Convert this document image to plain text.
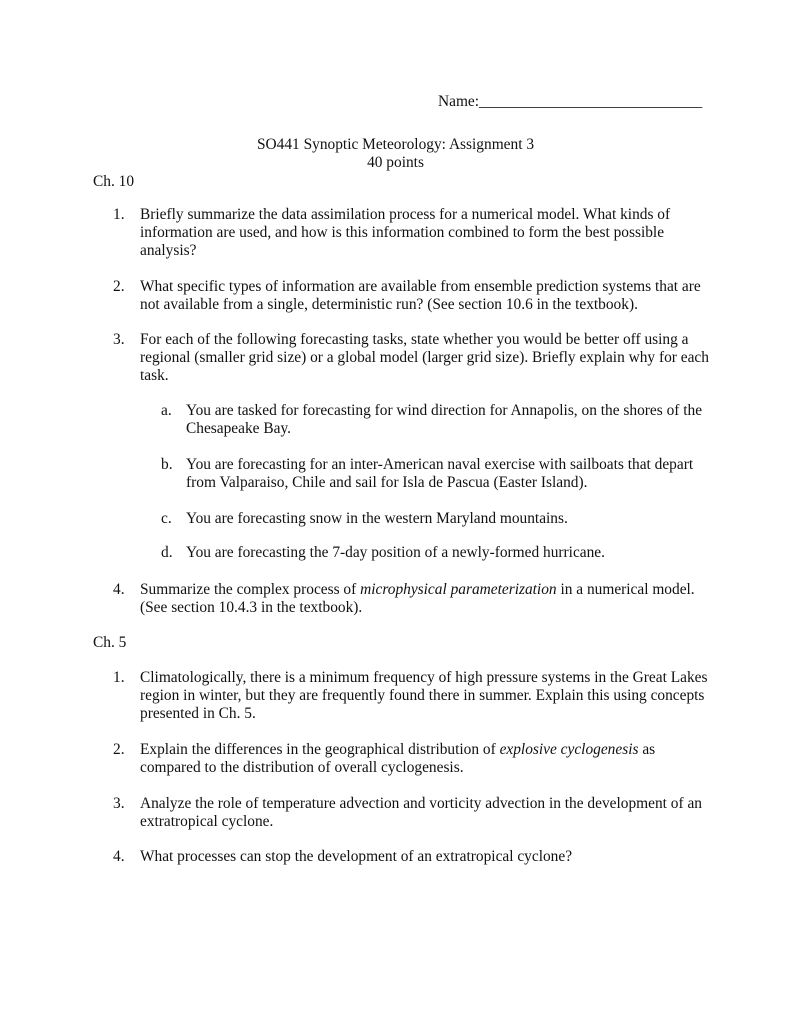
Name:_____________________________
SO441 Synoptic Meteorology: Assignment 3
40 points
Ch. 10
1. Briefly summarize the data assimilation process for a numerical model. What kinds of information are used, and how is this information combined to form the best possible analysis?
2. What specific types of information are available from ensemble prediction systems that are not available from a single, deterministic run? (See section 10.6 in the textbook).
3. For each of the following forecasting tasks, state whether you would be better off using a regional (smaller grid size) or a global model (larger grid size). Briefly explain why for each task.
a. You are tasked for forecasting for wind direction for Annapolis, on the shores of the Chesapeake Bay.
b. You are forecasting for an inter-American naval exercise with sailboats that depart from Valparaiso, Chile and sail for Isla de Pascua (Easter Island).
c. You are forecasting snow in the western Maryland mountains.
d. You are forecasting the 7-day position of a newly-formed hurricane.
4. Summarize the complex process of microphysical parameterization in a numerical model. (See section 10.4.3 in the textbook).
Ch. 5
1. Climatologically, there is a minimum frequency of high pressure systems in the Great Lakes region in winter, but they are frequently found there in summer. Explain this using concepts presented in Ch. 5.
2. Explain the differences in the geographical distribution of explosive cyclogenesis as compared to the distribution of overall cyclogenesis.
3. Analyze the role of temperature advection and vorticity advection in the development of an extratropical cyclone.
4. What processes can stop the development of an extratropical cyclone?
